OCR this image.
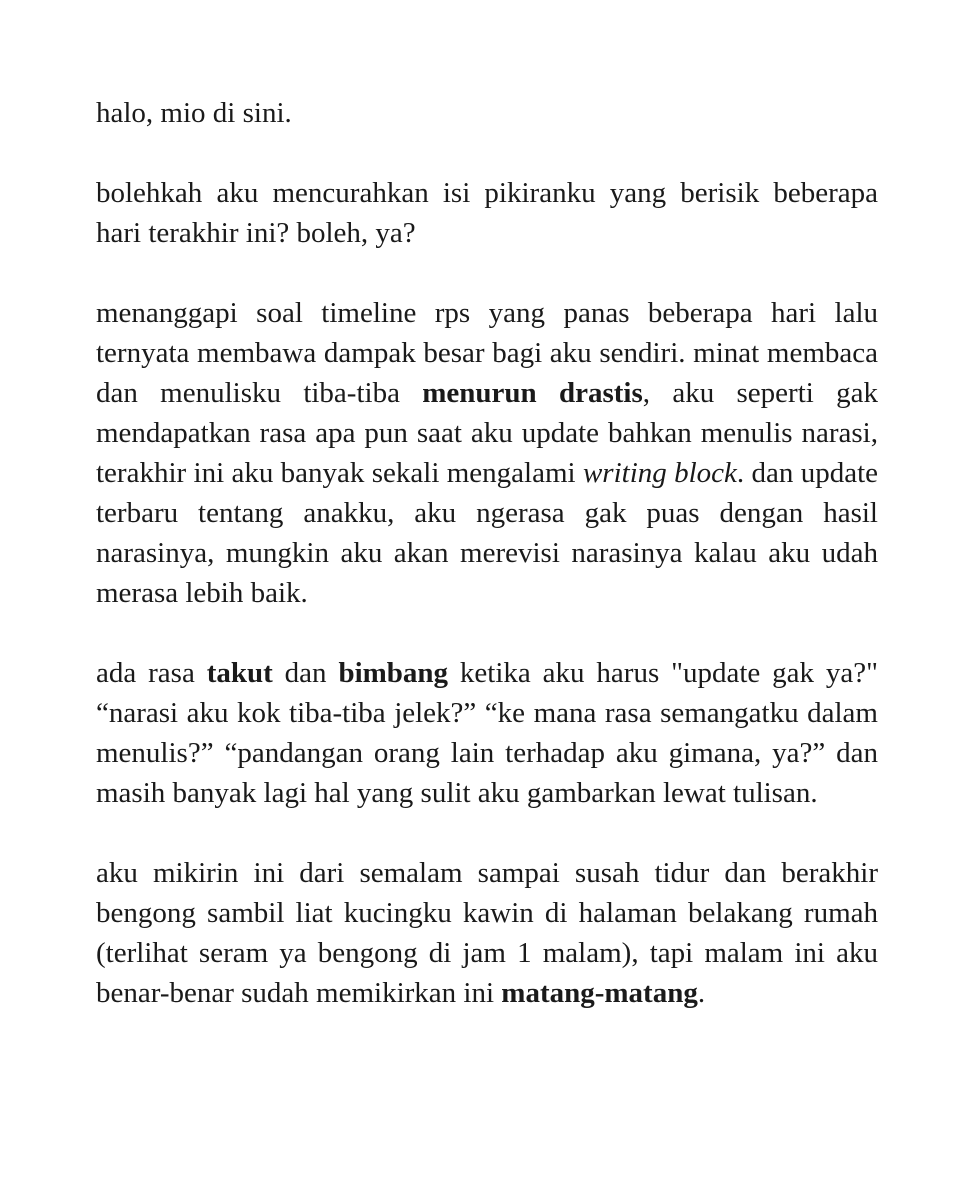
halo, mio di sini.

bolehkah aku mencurahkan isi pikiranku yang berisik beberapa hari terakhir ini? boleh, ya?

menanggapi soal timeline rps yang panas beberapa hari lalu ternyata membawa dampak besar bagi aku sendiri. minat membaca dan menulisku tiba-tiba menurun drastis, aku seperti gak mendapatkan rasa apa pun saat aku update bahkan menulis narasi, terakhir ini aku banyak sekali mengalami writing block. dan update terbaru tentang anakku, aku ngerasa gak puas dengan hasil narasinya, mungkin aku akan merevisi narasinya kalau aku udah merasa lebih baik.

ada rasa takut dan bimbang ketika aku harus "update gak ya?" “narasi aku kok tiba-tiba jelek?” “ke mana rasa semangatku dalam menulis?” “pandangan orang lain terhadap aku gimana, ya?” dan masih banyak lagi hal yang sulit aku gambarkan lewat tulisan.

aku mikirin ini dari semalam sampai susah tidur dan berakhir bengong sambil liat kucingku kawin di halaman belakang rumah (terlihat seram ya bengong di jam 1 malam), tapi malam ini aku benar-benar sudah memikirkan ini matang-matang.
